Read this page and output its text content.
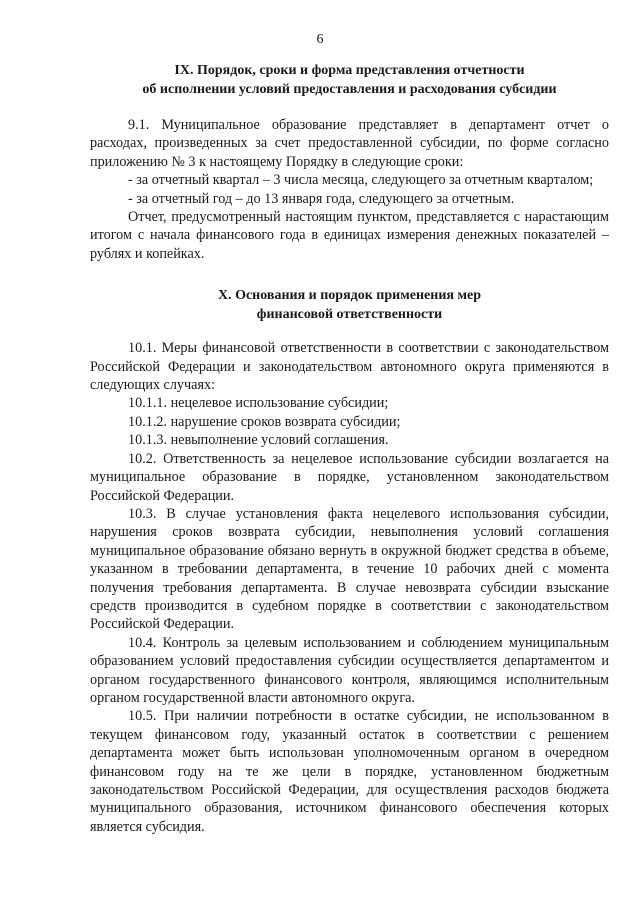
6
IX. Порядок, сроки и форма представления отчетности
об исполнении условий предоставления и расходования субсидии

9.1. Муниципальное образование представляет в департамент отчет о расходах, произведенных за счет предоставленной субсидии, по форме согласно приложению № 3 к настоящему Порядку в следующие сроки:

- за отчетный квартал – 3 числа месяца, следующего за отчетным кварталом;

- за отчетный год – до 13 января года, следующего за отчетным.

Отчет, предусмотренный настоящим пунктом, представляется с нарастающим итогом с начала финансового года в единицах измерения денежных показателей – рублях и копейках.

X. Основания и порядок применения мер
финансовой ответственности

10.1. Меры финансовой ответственности в соответствии с законодательством Российской Федерации и законодательством автономного округа применяются в следующих случаях:

10.1.1. нецелевое использование субсидии;

10.1.2. нарушение сроков возврата субсидии;

10.1.3. невыполнение условий соглашения.

10.2. Ответственность за нецелевое использование субсидии возлагается на муниципальное образование в порядке, установленном законодательством Российской Федерации.

10.3. В случае установления факта нецелевого использования субсидии, нарушения сроков возврата субсидии, невыполнения условий соглашения муниципальное образование обязано вернуть в окружной бюджет средства в объеме, указанном в требовании департамента, в течение 10 рабочих дней с момента получения требования департамента. В случае невозврата субсидии взыскание средств производится в судебном порядке в соответствии с законодательством Российской Федерации.

10.4. Контроль за целевым использованием и соблюдением муниципальным образованием условий предоставления субсидии осуществляется департаментом и органом государственного финансового контроля, являющимся исполнительным органом государственной власти автономного округа.

10.5. При наличии потребности в остатке субсидии, не использованном в текущем финансовом году, указанный остаток в соответствии с решением департамента может быть использован уполномоченным органом в очередном финансовом году на те же цели в порядке, установленном бюджетным законодательством Российской Федерации, для осуществления расходов бюджета муниципального образования, источником финансового обеспечения которых является субсидия.
